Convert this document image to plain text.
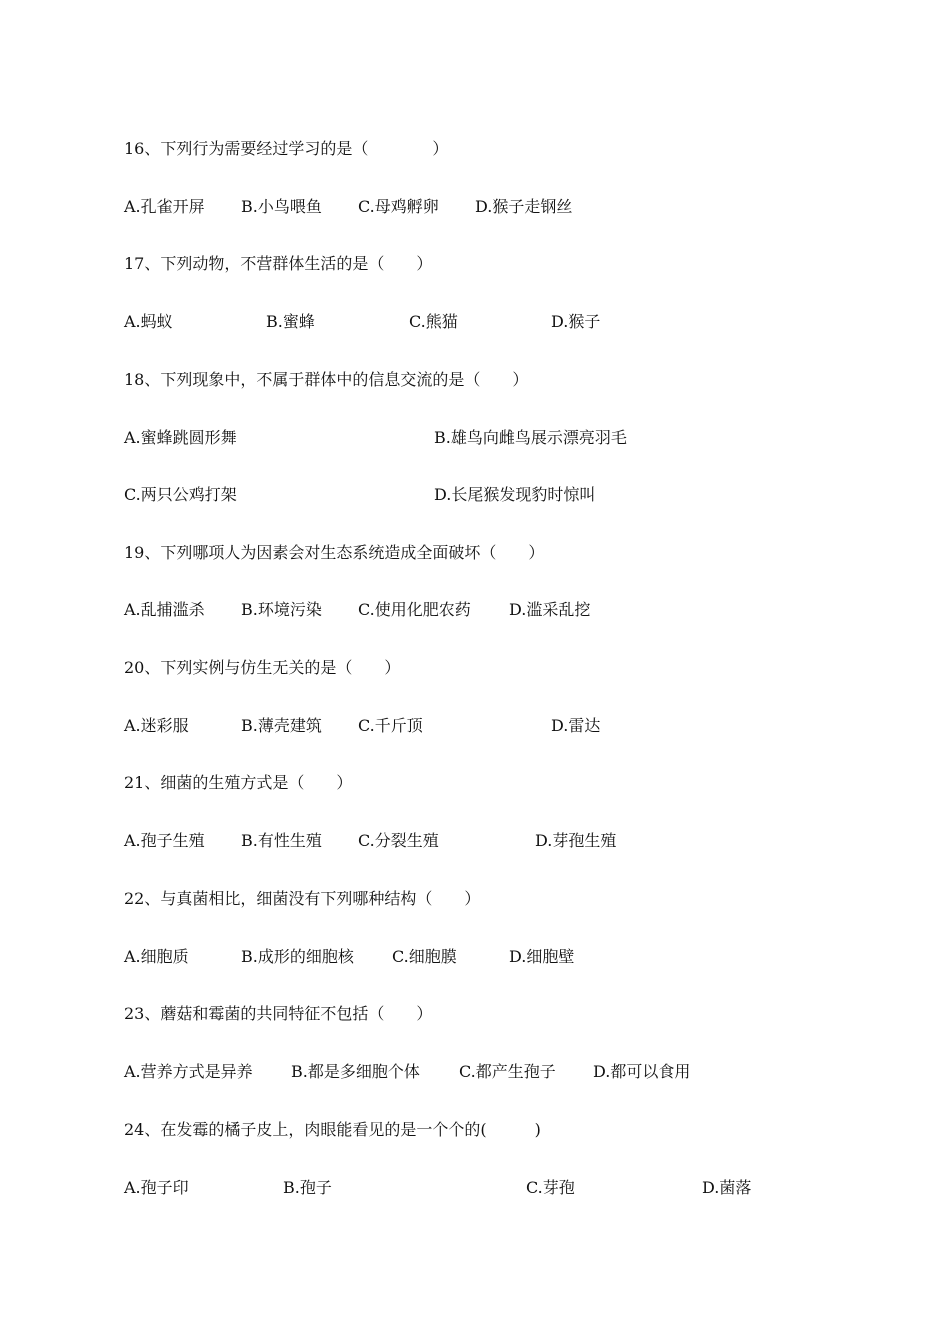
16、下列行为需要经过学习的是（　　　　）
A.孔雀开屏 B.小鸟喂鱼 C.母鸡孵卵 D.猴子走钢丝
17、下列动物，不营群体生活的是（　　）
A.蚂蚁	B.蜜蜂	C.熊猫	D.猴子
18、下列现象中，不属于群体中的信息交流的是（　　）
A.蜜蜂跳圆形舞	B.雄鸟向雌鸟展示漂亮羽毛
C.两只公鸡打架	D.长尾猴发现豹时惊叫
19、下列哪项人为因素会对生态系统造成全面破坏（　　）
A.乱捕滥杀 B.环境污染 C.使用化肥农药 D.滥采乱挖
20、下列实例与仿生无关的是（　　）
A.迷彩服	B.薄壳建筑 C.千斤顶	D.雷达
21、细菌的生殖方式是（　　）
A.孢子生殖 B.有性生殖 C.分裂生殖	D.芽孢生殖
22、与真菌相比，细菌没有下列哪种结构（　　）
A.细胞质	B.成形的细胞核 C.细胞膜	D.细胞壁
23、蘑菇和霉菌的共同特征不包括（　　）
A.营养方式是异养 B.都是多细胞个体 C.都产生孢子 D.都可以食用
24、在发霉的橘子皮上，肉眼能看见的是一个个的(　　　)
A.孢子印	B.孢子	C.芽孢	D.菌落
